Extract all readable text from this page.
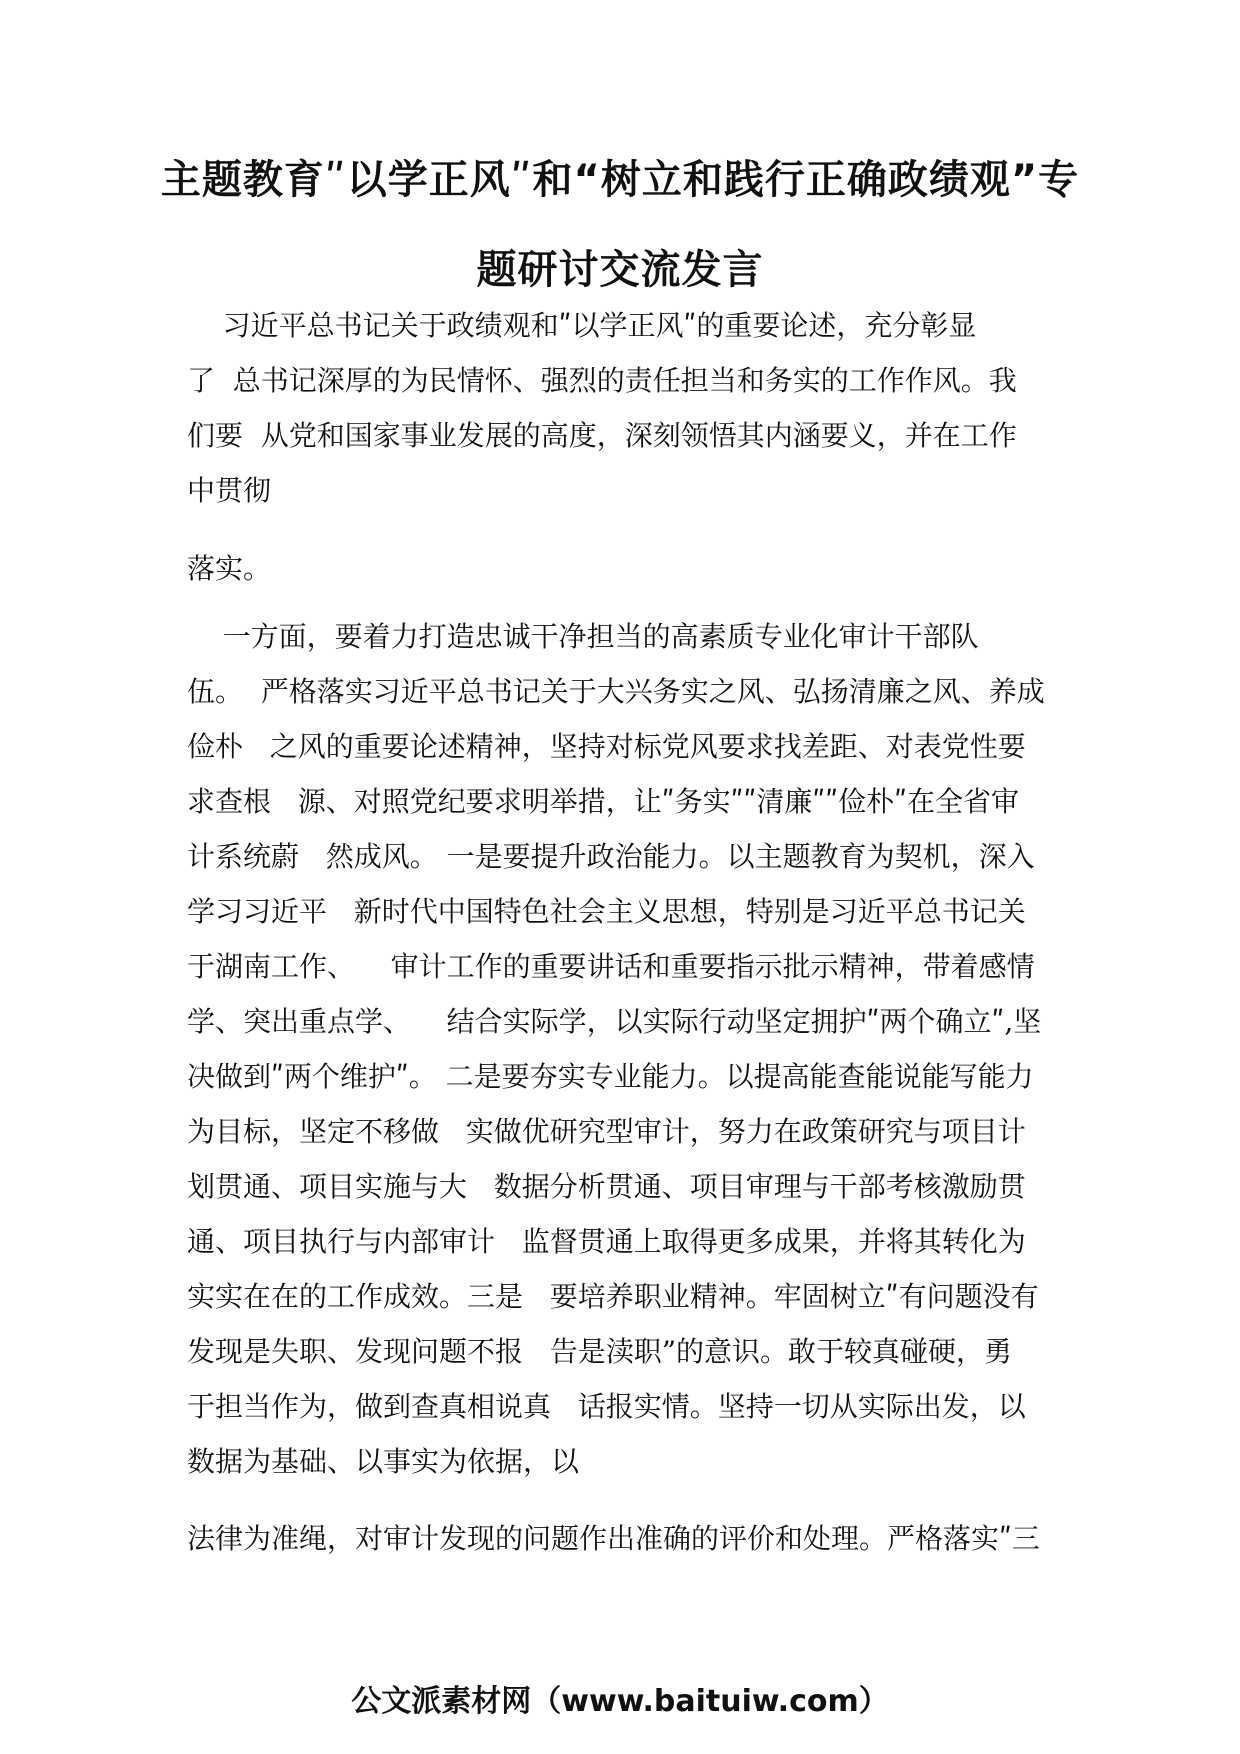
主题教育ʺ以学正风ʺ和“树立和践行正确政绩观”专
题研讨交流发言

习近平总书记关于政绩观和ʺ以学正风ʺ的重要论述，充分彰显

了  总书记深厚的为民情怀、强烈的责任担当和务实的工作作风。我

们要  从党和国家事业发展的高度，深刻领悟其内涵要义，并在工作

中贯彻

落实。

一方面，要着力打造忠诚干净担当的高素质专业化审计干部队

伍。  严格落实习近平总书记关于大兴务实之风、弘扬清廉之风、养成

俭朴   之风的重要论述精神，坚持对标党风要求找差距、对表党性要

求查根   源、对照党纪要求明举措，让ʺ务实ʺʺ清廉ʺʺ俭朴ʺ在全省审

计系统蔚   然成风。 一是要提升政治能力。以主题教育为契机，深入

学习习近平   新时代中国特色社会主义思想，特别是习近平总书记关

于湖南工作、    审计工作的重要讲话和重要指示批示精神，带着感情

学、突出重点学、    结合实际学，以实际行动坚定拥护ʺ两个确立ʺ,坚

决做到ʺ两个维护ʺ。 二是要夯实专业能力。以提高能查能说能写能力

为目标，坚定不移做   实做优研究型审计，努力在政策研究与项目计

划贯通、项目实施与大   数据分析贯通、项目审理与干部考核激励贯

通、项目执行与内部审计   监督贯通上取得更多成果，并将其转化为

实实在在的工作成效。三是   要培养职业精神。牢固树立ʺ有问题没有

发现是失职、发现问题不报   告是渎职”的意识。敢于较真碰硬，勇

于担当作为，做到查真相说真   话报实情。坚持一切从实际出发，以

数据为基础、以事实为依据，以

法律为准绳，对审计发现的问题作出准确的评价和处理。严格落实ʺ三

公文派素材网（www.baituiw.com）
